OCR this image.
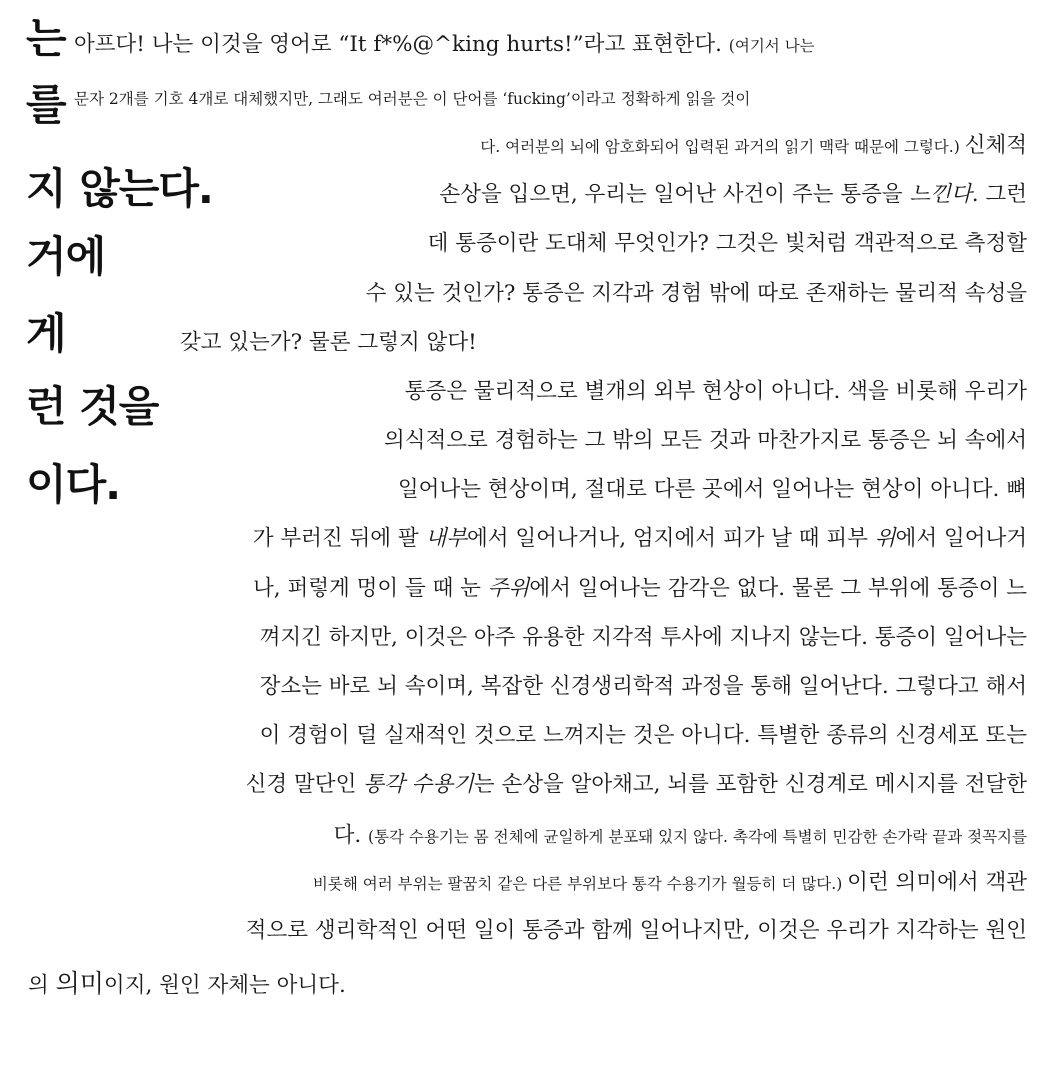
는
를
지 않는다.
거에
게
런 것을
이다.

아프다! 나는 이것을 영어로 “It f*%@^king hurts!”라고 표현한다. (여기서 나는

문자 2개를 기호 4개로 대체했지만, 그래도 여러분은 이 단어를 ‘fucking’이라고 정확하게 읽을 것이

다. 여러분의 뇌에 암호화되어 입력된 과거의 읽기 맥락 때문에 그렇다.) 신체적

손상을 입으면, 우리는 일어난 사건이 주는 통증을 느낀다. 그런

데 통증이란 도대체 무엇인가? 그것은 빛처럼 객관적으로 측정할

수 있는 것인가? 통증은 지각과 경험 밖에 따로 존재하는 물리적 속성을

갖고 있는가? 물론 그렇지 않다!

통증은 물리적으로 별개의 외부 현상이 아니다. 색을 비롯해 우리가

의식적으로 경험하는 그 밖의 모든 것과 마찬가지로 통증은 뇌 속에서

일어나는 현상이며, 절대로 다른 곳에서 일어나는 현상이 아니다. 뼈

가 부러진 뒤에 팔 내부에서 일어나거나, 엄지에서 피가 날 때 피부 위에서 일어나거

나, 퍼렇게 멍이 들 때 눈 주위에서 일어나는 감각은 없다. 물론 그 부위에 통증이 느

껴지긴 하지만, 이것은 아주 유용한 지각적 투사에 지나지 않는다. 통증이 일어나는

장소는 바로 뇌 속이며, 복잡한 신경생리학적 과정을 통해 일어난다. 그렇다고 해서

이 경험이 덜 실재적인 것으로 느껴지는 것은 아니다. 특별한 종류의 신경세포 또는

신경 말단인 통각 수용기는 손상을 알아채고, 뇌를 포함한 신경계로 메시지를 전달한

다. (통각 수용기는 몸 전체에 균일하게 분포돼 있지 않다. 촉각에 특별히 민감한 손가락 끝과 젖꼭지를

비롯해 여러 부위는 팔꿈치 같은 다른 부위보다 통각 수용기가 월등히 더 많다.) 이런 의미에서 객관

적으로 생리학적인 어떤 일이 통증과 함께 일어나지만, 이것은 우리가 지각하는 원인

의 의미이지, 원인 자체는 아니다.
